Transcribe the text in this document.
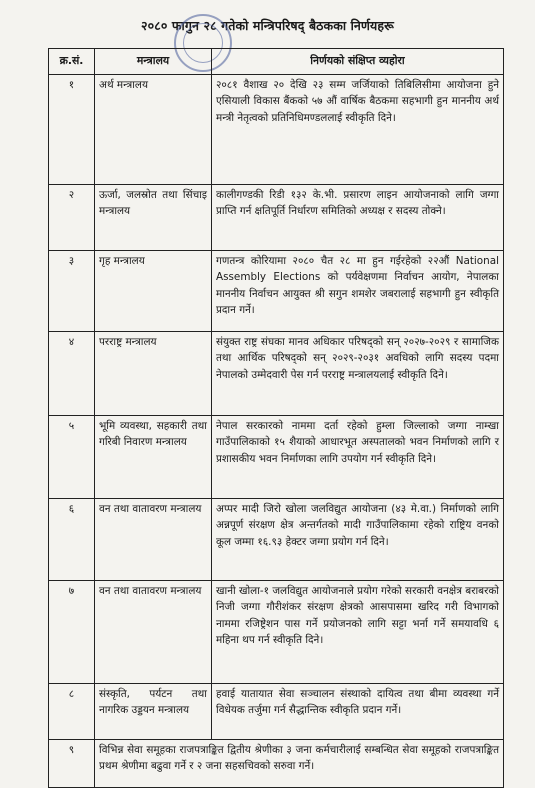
२०८० फागुन २८ गतेको मन्त्रिपरिषद् बैठकका निर्णयहरू
क्र.सं.	मन्त्रालय	निर्णयको संक्षिप्त व्यहोरा
१	अर्थ मन्त्रालय	२०८१ वैशाख २० देखि २३ सम्म जर्जियाको तिबिलिसीमा आयोजना हुने एसियाली विकास बैंकको ५७ औं वार्षिक बैठकमा सहभागी हुन माननीय अर्थ मन्त्री नेतृत्वको प्रतिनिधिमण्डललाई स्वीकृति दिने।
२	ऊर्जा, जलस्रोत तथा सिंचाइ मन्त्रालय	कालीगण्डकी रिडी १३२ के.भी. प्रसारण लाइन आयोजनाको लागि जग्गा प्राप्ति गर्न क्षतिपूर्ति निर्धारण समितिको अध्यक्ष र सदस्य तोक्ने।
३	गृह मन्त्रालय	गणतन्त्र कोरियामा २०८० चैत २८ मा हुन गईरहेको २२औं National Assembly Elections को पर्यवेक्षणमा निर्वाचन आयोग, नेपालका माननीय निर्वाचन आयुक्त श्री सगुन शमशेर जबरालाई सहभागी हुन स्वीकृति प्रदान गर्ने।
४	परराष्ट्र मन्त्रालय	संयुक्त राष्ट्र संघका मानव अधिकार परिषद्को सन् २०२७-२०२९ र सामाजिक तथा आर्थिक परिषद्को सन् २०२९-२०३१ अवधिको लागि सदस्य पदमा नेपालको उम्मेदवारी पेस गर्न परराष्ट्र मन्त्रालयलाई स्वीकृति दिने।
५	भूमि व्यवस्था, सहकारी तथा गरिबी निवारण मन्त्रालय	नेपाल सरकारको नाममा दर्ता रहेको हुम्ला जिल्लाको जग्गा नाम्खा गाउँपालिकाको १५ शैयाको आधारभूत अस्पतालको भवन निर्माणको लागि र प्रशासकीय भवन निर्माणका लागि उपयोग गर्न स्वीकृति दिने।
६	वन तथा वातावरण मन्त्रालय	अप्पर मादी जिरो खोला जलविद्युत आयोजना (४३ मे.वा.) निर्माणको लागि अन्नपूर्ण संरक्षण क्षेत्र अन्तर्गतको मादी गाउँपालिकामा रहेको राष्ट्रिय वनको कूल जम्मा १६.९३ हेक्टर जग्गा प्रयोग गर्न दिने।
७	वन तथा वातावरण मन्त्रालय	खानी खोला-१ जलविद्युत आयोजनाले प्रयोग गरेको सरकारी वनक्षेत्र बराबरको निजी जग्गा गौरीशंकर संरक्षण क्षेत्रको आसपासमा खरिद गरी विभागको नाममा रजिष्ट्रेशन पास गर्ने प्रयोजनको लागि सट्टा भर्ना गर्ने समयावधि ६ महिना थप गर्न स्वीकृति दिने।
८	संस्कृति, पर्यटन तथा नागरिक उड्डयन मन्त्रालय	हवाई यातायात सेवा सञ्चालन संस्थाको दायित्व तथा बीमा व्यवस्था गर्ने विधेयक तर्जुमा गर्न सैद्धान्तिक स्वीकृति प्रदान गर्ने।
९	विभिन्न सेवा समूहका राजपत्राङ्कित द्वितीय श्रेणीका ३ जना कर्मचारीलाई सम्बन्धित सेवा समूहको राजपत्राङ्कित प्रथम श्रेणीमा बढुवा गर्ने र २ जना सहसचिवको सरुवा गर्ने।	
